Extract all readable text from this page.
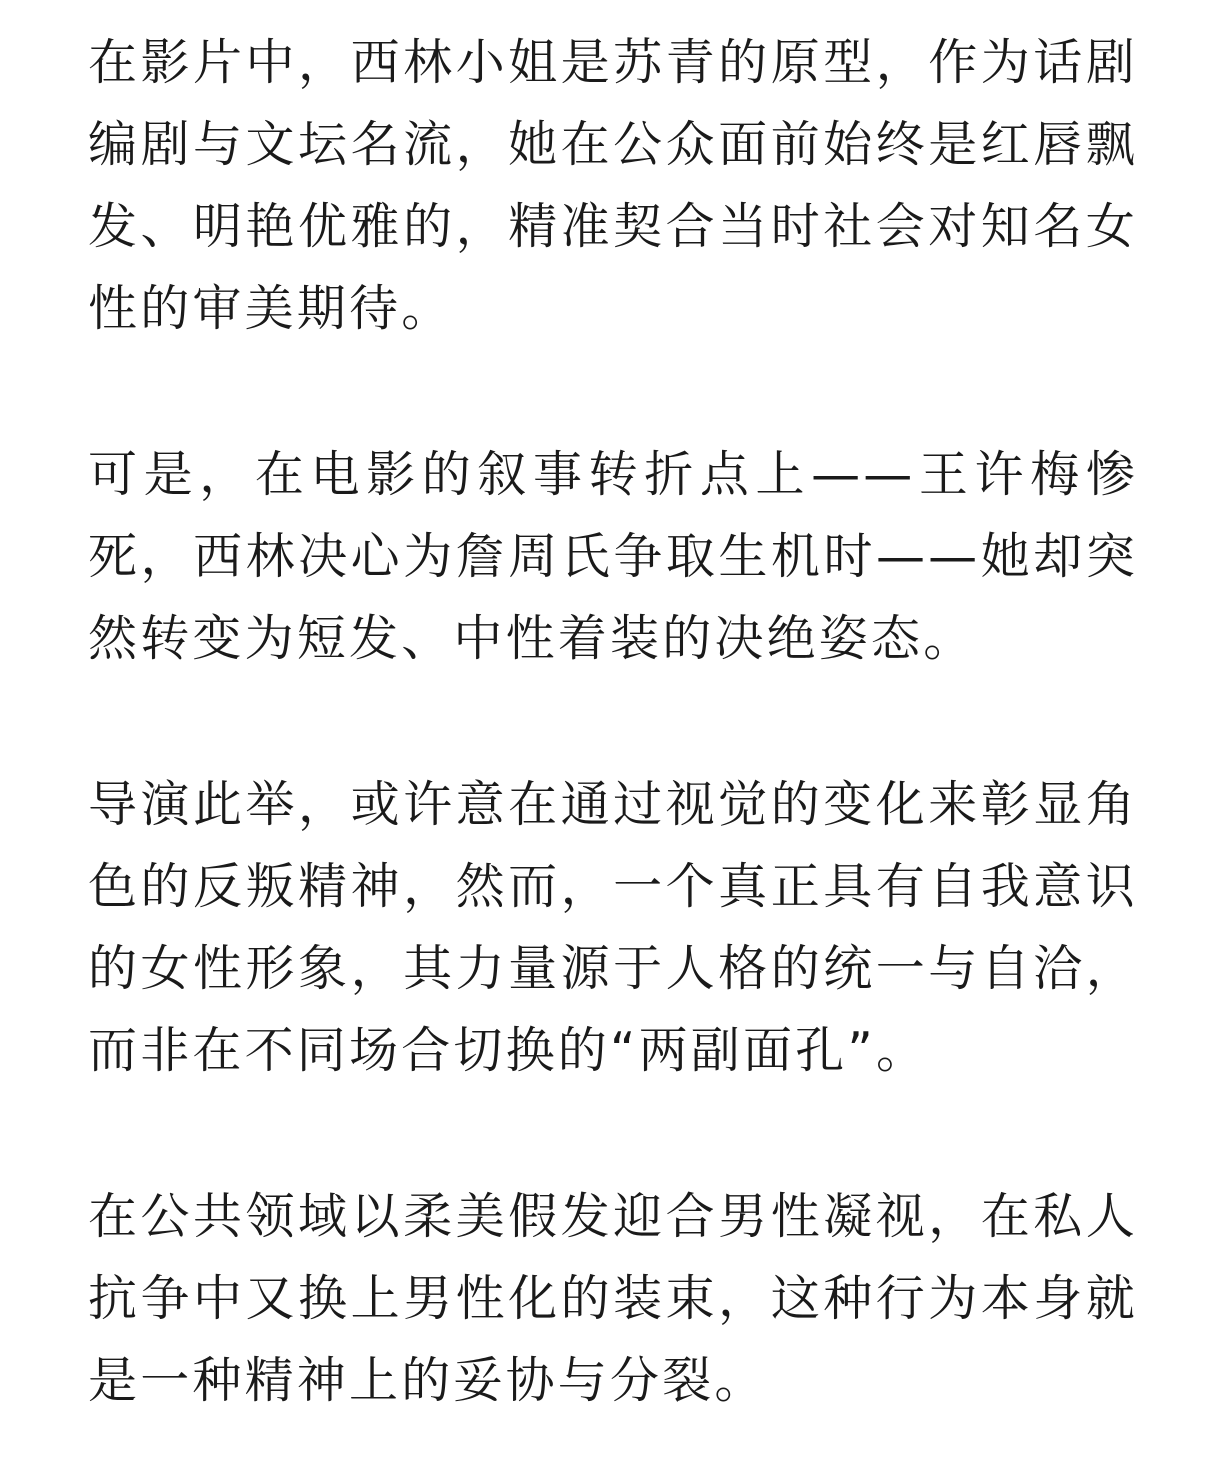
在影片中，西林小姐是苏青的原型，作为话剧编剧与文坛名流，她在公众面前始终是红唇飘发、明艳优雅的，精准契合当时社会对知名女性的审美期待。

可是，在电影的叙事转折点上——王许梅惨死，西林决心为詹周氏争取生机时——她却突然转变为短发、中性着装的决绝姿态。

导演此举，或许意在通过视觉的变化来彰显角色的反叛精神，然而，一个真正具有自我意识的女性形象，其力量源于人格的统一与自洽，而非在不同场合切换的“两副面孔”。

在公共领域以柔美假发迎合男性凝视，在私人抗争中又换上男性化的装束，这种行为本身就是一种精神上的妥协与分裂。
